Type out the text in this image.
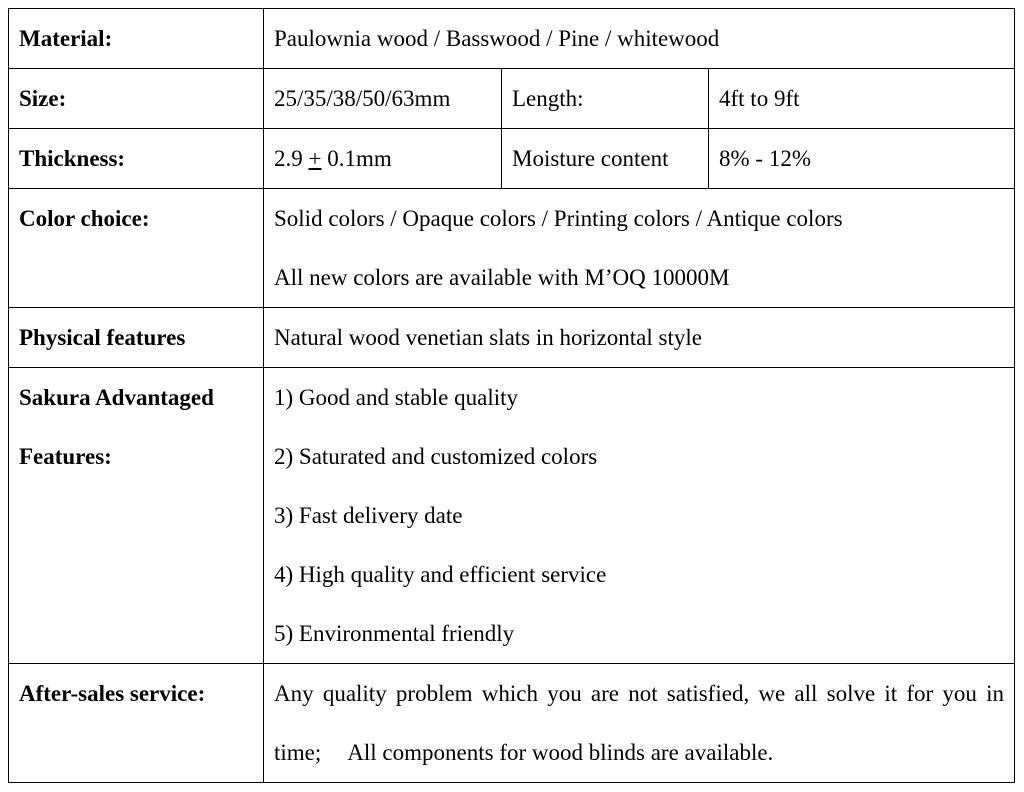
Material:	Paulownia wood / Basswood / Pine / whitewood		
Size:	25/35/38/50/63mm	Length:	4ft to 9ft
Thickness:	2.9 + 0.1mm	Moisture content	8% - 12%
Color choice:	Solid colors / Opaque colors / Printing colors / Antique colors
All new colors are available with M’OQ 10000M		

Physical features	Natural wood venetian slats in horizontal style		

Sakura Advantaged
Features:	1) Good and stable quality
2) Saturated and customized colors
3) Fast delivery date
4) High quality and efficient service
5) Environmental friendly		

After-sales service:	Any quality problem which you are not satisfied, we all solve it for you in time; All components for wood blinds are available.		
